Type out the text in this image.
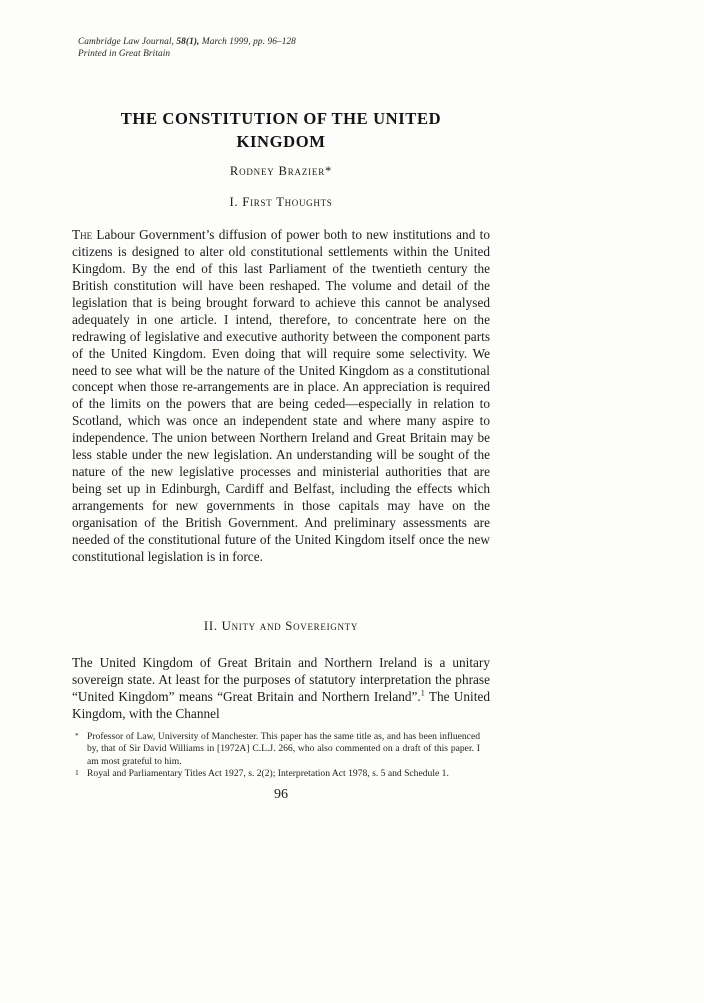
Cambridge Law Journal, 58(1), March 1999, pp. 96–128
Printed in Great Britain
THE CONSTITUTION OF THE UNITED KINGDOM
Rodney Brazier*
I. First Thoughts

The Labour Government’s diffusion of power both to new institutions and to citizens is designed to alter old constitutional settlements within the United Kingdom. By the end of this last Parliament of the twentieth century the British constitution will have been reshaped. The volume and detail of the legislation that is being brought forward to achieve this cannot be analysed adequately in one article. I intend, therefore, to concentrate here on the redrawing of legislative and executive authority between the component parts of the United Kingdom. Even doing that will require some selectivity. We need to see what will be the nature of the United Kingdom as a constitutional concept when those re-arrangements are in place. An appreciation is required of the limits on the powers that are being ceded—especially in relation to Scotland, which was once an independent state and where many aspire to independence. The union between Northern Ireland and Great Britain may be less stable under the new legislation. An understanding will be sought of the nature of the new legislative processes and ministerial authorities that are being set up in Edinburgh, Cardiff and Belfast, including the effects which arrangements for new governments in those capitals may have on the organisation of the British Government. And preliminary assessments are needed of the constitutional future of the United Kingdom itself once the new constitutional legislation is in force.

II. Unity and Sovereignty

The United Kingdom of Great Britain and Northern Ireland is a unitary sovereign state. At least for the purposes of statutory interpretation the phrase “United Kingdom” means “Great Britain and Northern Ireland”.$^1$ The United Kingdom, with the Channel

* Professor of Law, University of Manchester. This paper has the same title as, and has been influenced by, that of Sir David Williams in [1972A] C.L.J. 266, who also commented on a draft of this paper. I am most grateful to him.
1 Royal and Parliamentary Titles Act 1927, s. 2(2); Interpretation Act 1978, s. 5 and Schedule 1.
96
